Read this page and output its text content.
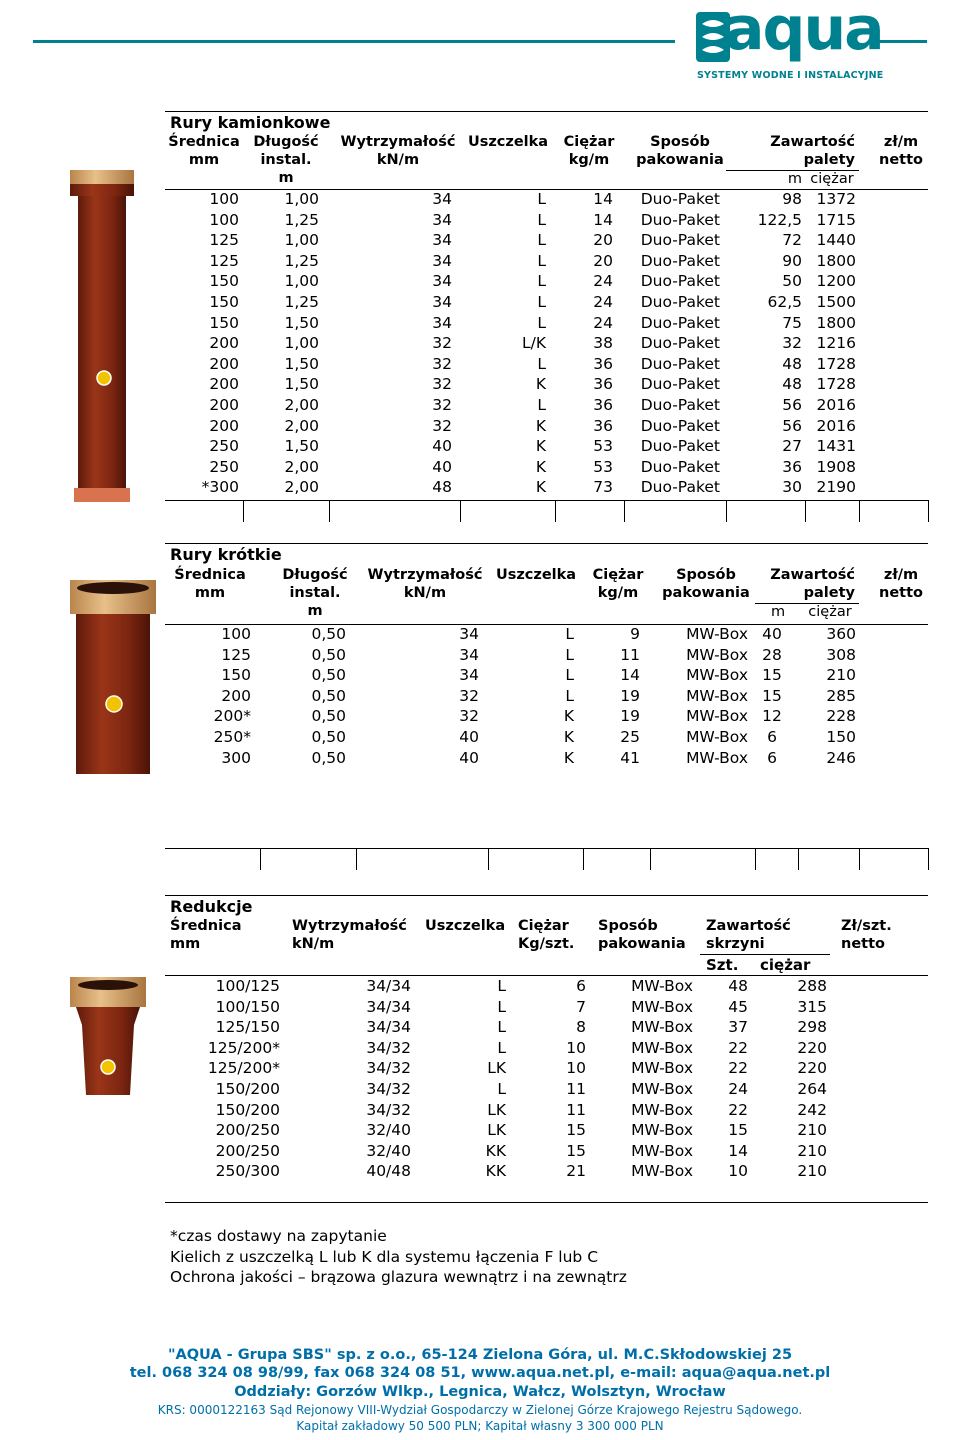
aqua
SYSTEMY WODNE I INSTALACYJNE
Rury kamionkowe
Średnica
mm
Długość
instal.
m
Wytrzymałość
kN/m
Uszczelka	Ciężar
kg/m
Sposób
pakowania
Zawartość
palety
m ciężar
zł/m
netto
100	1,00	34	L	14	Duo-Paket	98 1372
100	1,25	34	L	14	Duo-Paket	122,5 1715
125	1,00	34	L	20	Duo-Paket	72 1440
125	1,25	34	L	20	Duo-Paket	90 1800
150	1,00	34	L	24	Duo-Paket	50 1200
150	1,25	34	L	24	Duo-Paket	62,5 1500
150	1,50	34	L	24	Duo-Paket	75 1800
200	1,00	32	L/K	38	Duo-Paket	32 1216
200	1,50	32	L	36	Duo-Paket	48 1728
200	1,50	32	K	36	Duo-Paket	48 1728
200	2,00	32	L	36	Duo-Paket	56 2016
200	2,00	32	K	36	Duo-Paket	56 2016
250	1,50	40	K	53	Duo-Paket	27 1431
250	2,00	40	K	53	Duo-Paket	36 1908
*300	2,00	48	K	73	Duo-Paket	30 2190
Rury krótkie
Średnica
mm
Długość
instal.
m
Wytrzymałość
kN/m
Uszczelka	Ciężar
kg/m
Sposób
pakowania
Zawartość
palety
m	ciężar
zł/m
netto
100	0,50	34	L	9	MW-Box 40	360
125	0,50	34	L	11	MW-Box 28	308
150	0,50	34	L	14	MW-Box 15	210
200	0,50	32	L	19	MW-Box 15	285
200*	0,50	32	K	19	MW-Box 12	228
250*	0,50	40	K	25	MW-Box	6	150
300	0,50	40	K	41	MW-Box	6	246
Redukcje
Średnica
mm
Wytrzymałość
kN/m
Uszczelka Ciężar
Kg/szt.
Sposób
pakowania
Zawartość
skrzyni
Szt. ciężar
Zł/szt.
netto
100/125	34/34	L	6	MW-Box	48	288
100/150	34/34	L	7	MW-Box	45	315
125/150	34/34	L	8	MW-Box	37	298
125/200*	34/32	L	10	MW-Box	22	220
125/200*	34/32	LK	10	MW-Box	22	220
150/200	34/32	L	11	MW-Box	24	264
150/200	34/32	LK	11	MW-Box	22	242
200/250	32/40	LK	15	MW-Box	15	210
200/250	32/40	KK	15	MW-Box	14	210
250/300	40/48	KK	21	MW-Box	10	210
*czas dostawy na zapytanie
Kielich z uszczelką L lub K dla systemu łączenia F lub C
Ochrona jakości – brązowa glazura wewnątrz i na zewnątrz
"AQUA - Grupa SBS" sp. z o.o., 65-124 Zielona Góra, ul. M.C.Skłodowskiej 25
tel. 068 324 08 98/99, fax 068 324 08 51, www.aqua.net.pl, e-mail: aqua@aqua.net.pl
Oddziały: Gorzów Wlkp., Legnica, Wałcz, Wolsztyn, Wrocław
KRS: 0000122163 Sąd Rejonowy VIII-Wydział Gospodarczy w Zielonej Górze Krajowego Rejestru Sądowego.
Kapitał zakładowy 50 500 PLN; Kapitał własny 3 300 000 PLN
